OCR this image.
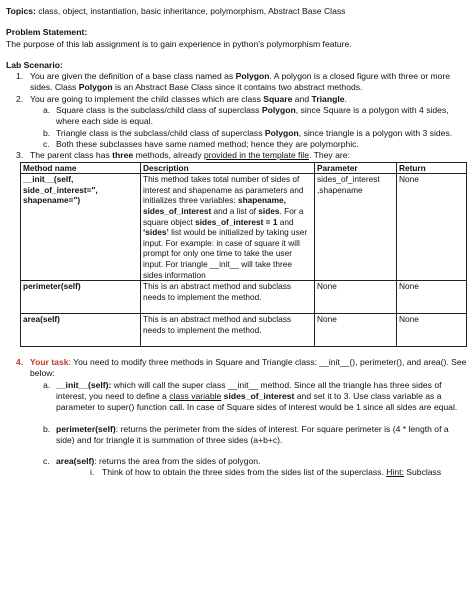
Topics: class, object, instantiation, basic inheritance, polymorphism, Abstract Base Class

Problem Statement:

The purpose of this lab assignment is to gain experience in python’s polymorphism feature.

Lab Scenario:

1. You are given the definition of a base class named as Polygon. A polygon is a closed figure with three or more sides. Class Polygon is an Abstract Base Class since it contains two abstract methods.
2. You are going to implement the child classes which are class Square and Triangle.
a. Square class is the subclass/child class of superclass Polygon, since Square is a polygon with 4 sides, where each side is equal.
b. Triangle class is the subclass/child class of superclass Polygon, since triangle is a polygon with 3 sides.
c. Both these subclasses have same named method; hence they are polymorphic.
3. The parent class has three methods, already provided in the template file. They are:
Method name	Description	Parameter	Return
__init__(self, side_of_interest=", shapename=")	This method takes total number of sides of interest and shapename as parameters and initializes three variables: shapename, sides_of_interest and a list of sides. For a square object sides_of_interest = 1 and ‘sides’ list would be initialized by taking user input. For example: in case of square it will prompt for only one time to take the user input. For triangle __init__ will take three sides information	sides_of_interest ,shapename	None
perimeter(self)	This is an abstract method and subclass needs to implement the method.	None	None
area(self)	This is an abstract method and subclass needs to implement the method.	None	None
4. Your task: You need to modify three methods in Square and Triangle class: __init__(), perimeter(), and area(). See below:
a. __init__(self): which will call the super class __init__ method. Since all the triangle has three sides of interest, you need to define a class variable sides_of_interest and set it to 3. Use class variable as a parameter to super() function call. In case of Square sides of interest would be 1 since all sides are equal.
b. perimeter(self): returns the perimeter from the sides of interest. For square perimeter is (4 * length of a side) and for triangle it is summation of three sides (a+b+c).
c. area(self): returns the area from the sides of polygon.
i. Think of how to obtain the three sides from the sides list of the superclass. Hint: Subclass
